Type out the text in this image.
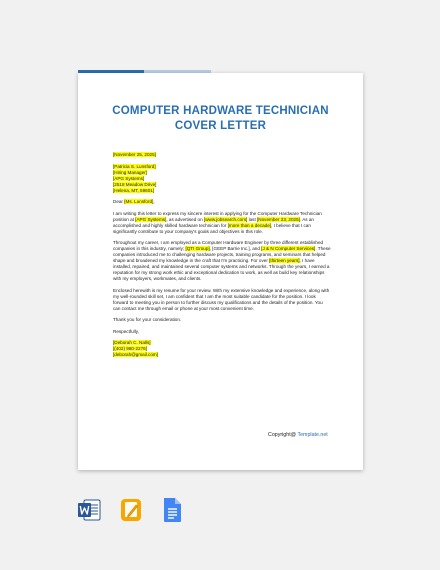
COMPUTER HARDWARE TECHNICIAN
COVER LETTER

[November 25, 2025]

[Patricia S. Lunsford]
[Hiring Manager]
[APG Systems]
[2518 Meadow Drive]
[Helena, MT, 59601]

Dear [Ms. Lunsford],

I am writing this letter to express my sincere interest in applying for the Computer Hardware Technician position at [APG Systems], as advertised on [www.jobsearch.com] last [November 23, 2025]. As an accomplished and highly skilled hardware technician for [more than a decade], I believe that I can significantly contribute to your company's goals and objectives in this role.

Throughout my career, I am employed as a Computer Hardware Engineer by three different established companies in this industry, namely; [QTI Group], [GEEP Barrie Inc.], and [J & N Computer Services]. These companies introduced me to challenging hardware projects, training programs, and seminars that helped shape and broadened my knowledge in the craft that I'm practicing. For over [thirteen years], I have installed, repaired, and maintained several computer systems and networks. Through the years, I earned a reputation for my strong work ethic and exceptional dedication to work, as well as build key relationships with my employers, workmates, and clients.

Enclosed herewith is my resume for your review. With my extensive knowledge and experience, along with my well-rounded skill set, I am confident that I am the most suitable candidate for the position. I look forward to meeting you in person to further discuss my qualifications and the details of the position. You can contact me through email or phone at your most convenient time.

Thank you for your consideration.

Respectfully,

[Deborah C. Nalls]
[(402) 980-2276]
[deborah@gmail.com]

Copyright@ Template.net
